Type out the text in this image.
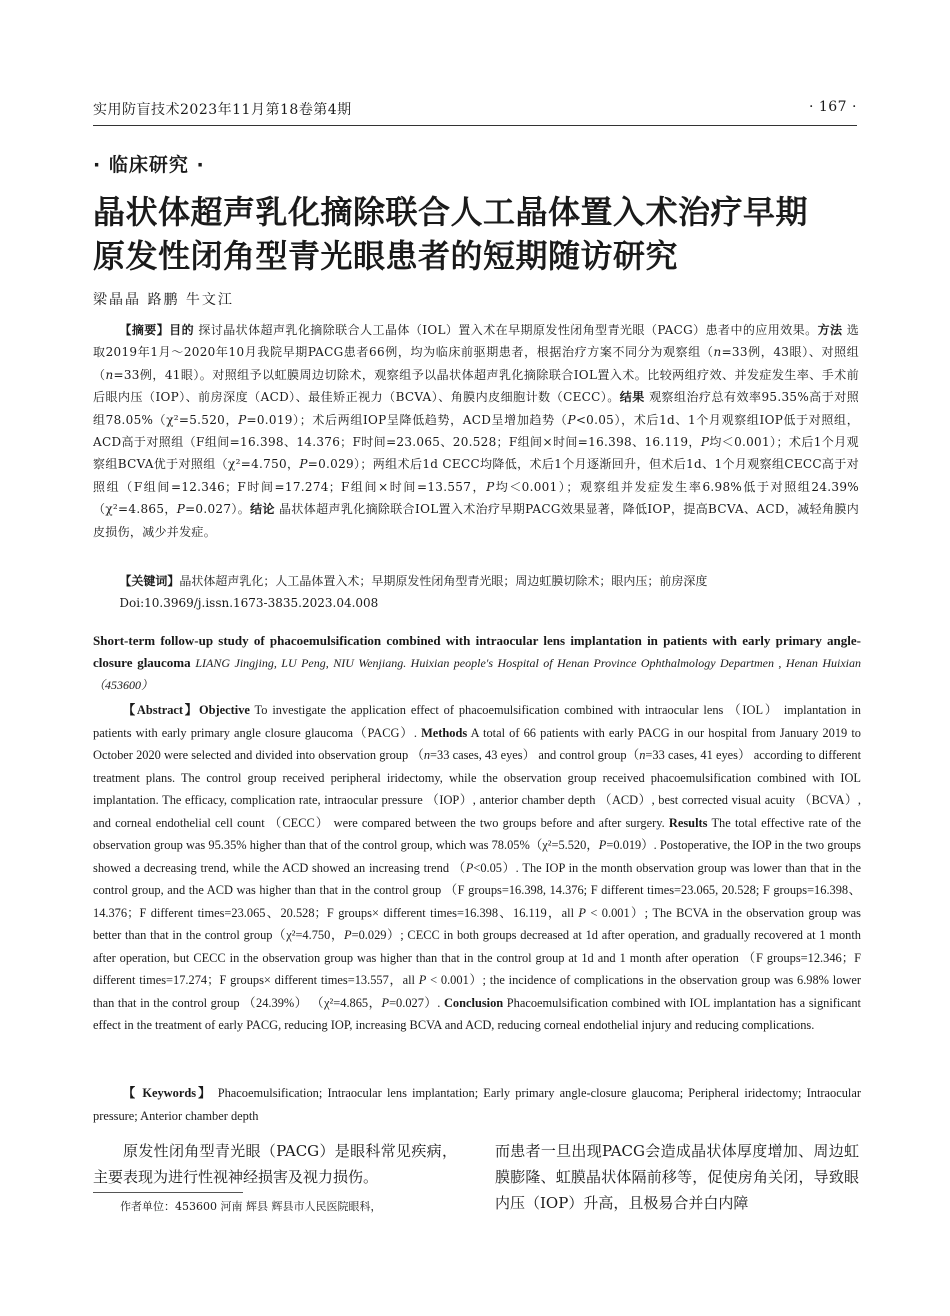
实用防盲技术2023年11月第18卷第4期	· 167 ·
· 临床研究 ·
晶状体超声乳化摘除联合人工晶体置入术治疗早期
原发性闭角型青光眼患者的短期随访研究
梁晶晶 路鹏 牛文江
【摘要】目的 探讨晶状体超声乳化摘除联合人工晶体（IOL）置入术在早期原发性闭角型青光眼（PACG）患者中的应用效果。方法 选取2019年1月～2020年10月我院早期PACG患者66例，均为临床前驱期患者，根据治疗方案不同分为观察组（n=33例，43眼）、对照组（n=33例，41眼）。对照组予以虹膜周边切除术，观察组予以晶状体超声乳化摘除联合IOL置入术。比较两组疗效、并发症发生率、手术前后眼内压（IOP）、前房深度（ACD）、最佳矫正视力（BCVA）、角膜内皮细胞计数（CECC）。结果 观察组治疗总有效率95.35%高于对照组78.05%（χ²=5.520，P=0.019）；术后两组IOP呈降低趋势，ACD呈增加趋势（P<0.05），术后1d、1个月观察组IOP低于对照组，ACD高于对照组（F组间=16.398、14.376；F时间=23.065、20.528；F组间×时间=16.398、16.119，P均＜0.001）；术后1个月观察组BCVA优于对照组（χ²=4.750，P=0.029）；两组术后1d CECC均降低，术后1个月逐渐回升，但术后1d、1个月观察组CECC高于对照组（F组间=12.346；F时间=17.274；F组间×时间=13.557，P均＜0.001）；观察组并发症发生率6.98%低于对照组24.39%（χ²=4.865，P=0.027）。结论 晶状体超声乳化摘除联合IOL置入术治疗早期PACG效果显著，降低IOP，提高BCVA、ACD，减轻角膜内皮损伤，减少并发症。
【关键词】晶状体超声乳化；人工晶体置入术；早期原发性闭角型青光眼；周边虹膜切除术；眼内压；前房深度
Doi:10.3969/j.issn.1673-3835.2023.04.008
Short-term follow-up study of phacoemulsification combined with intraocular lens implantation in patients with early primary angle-closure glaucoma LIANG Jingjing, LU Peng, NIU Wenjiang. Huixian people's Hospital of Henan Province Ophthalmology Departmen , Henan Huixian （453600）
【Abstract】Objective To investigate the application effect of phacoemulsification combined with intraocular lens （IOL） implantation in patients with early primary angle closure glaucoma（PACG）. Methods A total of 66 patients with early PACG in our hospital from January 2019 to October 2020 were selected and divided into observation group （n=33 cases, 43 eyes） and control group（n=33 cases, 41 eyes） according to different treatment plans. The control group received peripheral iridectomy, while the observation group received phacoemulsification combined with IOL implantation. The efficacy, complication rate, intraocular pressure （IOP）, anterior chamber depth （ACD）, best corrected visual acuity （BCVA）, and corneal endothelial cell count （CECC） were compared between the two groups before and after surgery. Results The total effective rate of the observation group was 95.35% higher than that of the control group, which was 78.05%（χ²=5.520，P=0.019）. Postoperative, the IOP in the two groups showed a decreasing trend, while the ACD showed an increasing trend （P<0.05）. The IOP in the month observation group was lower than that in the control group, and the ACD was higher than that in the control group （F groups=16.398, 14.376; F different times=23.065, 20.528; F groups=16.398、14.376；F different times=23.065、20.528；F groups× different times=16.398、16.119，all P < 0.001）; The BCVA in the observation group was better than that in the control group（χ²=4.750，P=0.029）; CECC in both groups decreased at 1d after operation, and gradually recovered at 1 month after operation, but CECC in the observation group was higher than that in the control group at 1d and 1 month after operation （F groups=12.346；F different times=17.274；F groups× different times=13.557，all P < 0.001）; the incidence of complications in the observation group was 6.98% lower than that in the control group （24.39%） （χ²=4.865，P=0.027）. Conclusion Phacoemulsification combined with IOL implantation has a significant effect in the treatment of early PACG, reducing IOP, increasing BCVA and ACD, reducing corneal endothelial injury and reducing complications.
【 Keywords】 Phacoemulsification; Intraocular lens implantation; Early primary angle-closure glaucoma; Peripheral iridectomy; Intraocular pressure; Anterior chamber depth
原发性闭角型青光眼（PACG）是眼科常见疾病，主要表现为进行性视神经损害及视力损伤。
作者单位：453600 河南 辉县 辉县市人民医院眼科，
而患者一旦出现PACG会造成晶状体厚度增加、周边虹膜膨隆、虹膜晶状体隔前移等，促使房角关闭，导致眼内压（IOP）升高，且极易合并白内障
